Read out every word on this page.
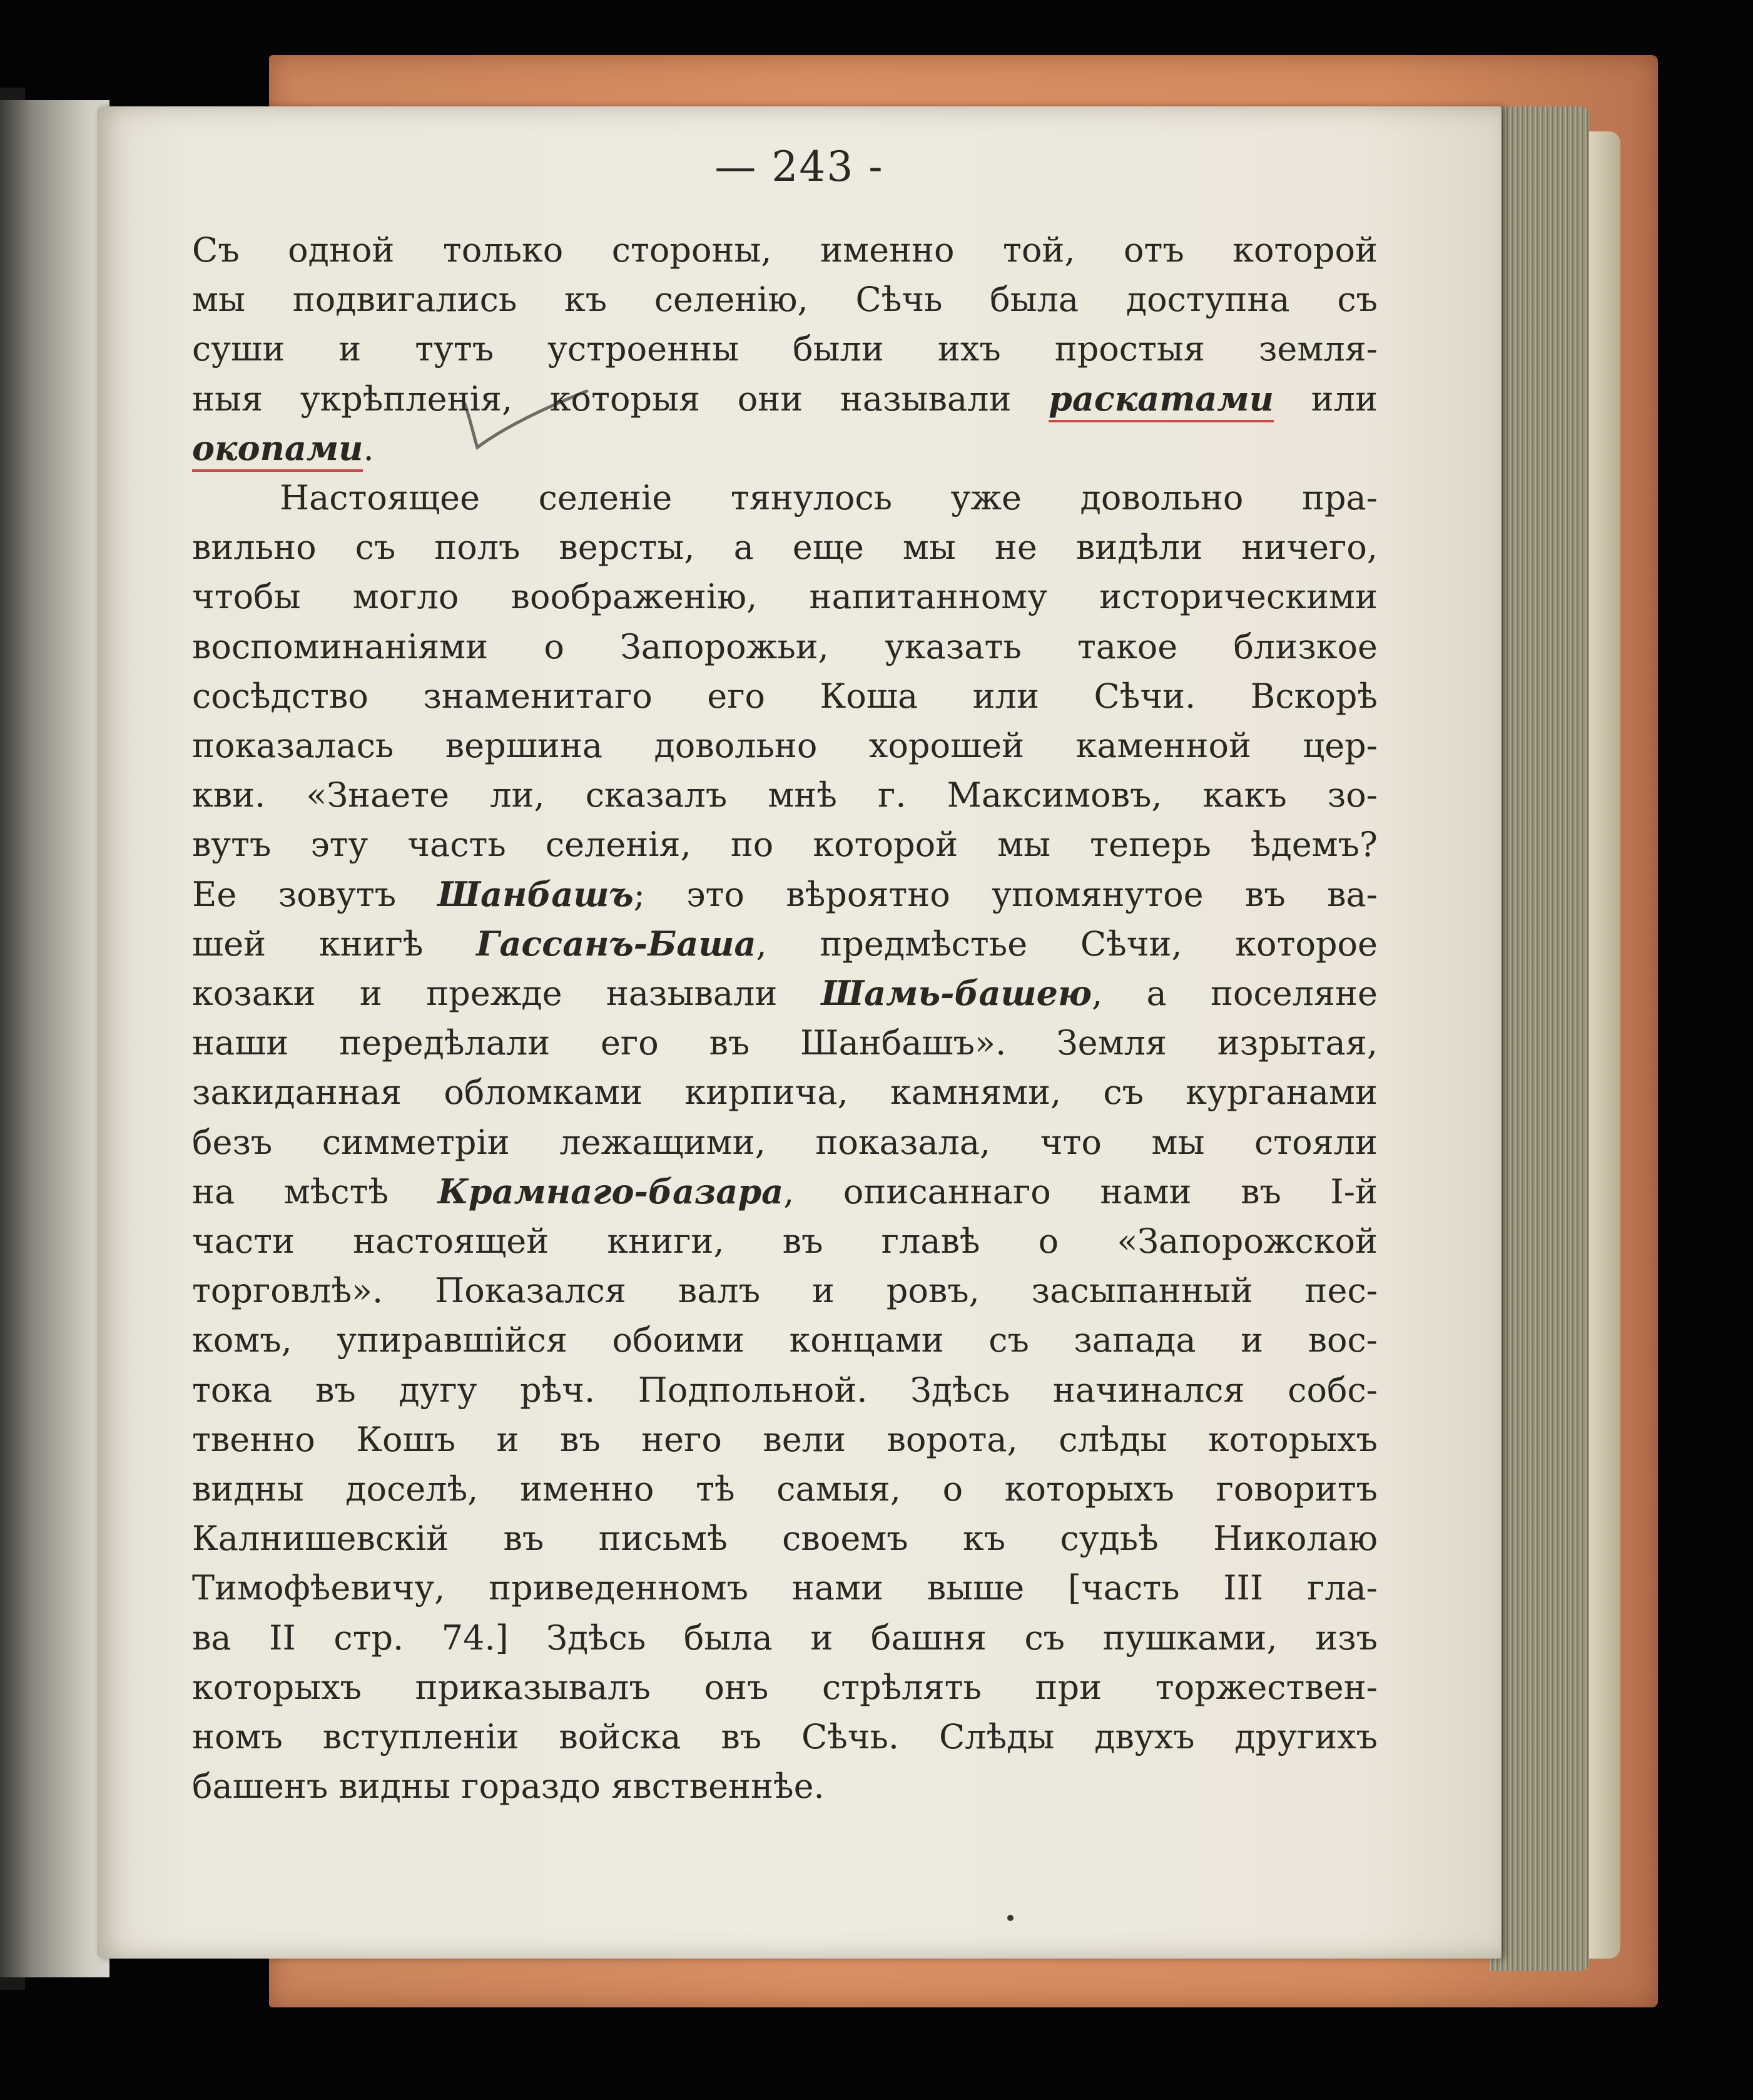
— 243 -
Съ одной только стороны, именно той, отъ которой
мы подвигались къ селенію, Сѣчь была доступна съ
суши и тутъ устроенны были ихъ простыя земля-
ныя укрѣпленія, которыя они называли раскатами или
окопами.
Настоящее селеніе тянулось уже довольно пра-
вильно съ полъ версты, а еще мы не видѣли ничего,
чтобы могло воображенію, напитанному историческими
воспоминаніями о Запорожьи, указать такое близкое
сосѣдство знаменитаго его Коша или Сѣчи. Вскорѣ
показалась вершина довольно хорошей каменной цер-
кви. «Знаете ли, сказалъ мнѣ г. Максимовъ, какъ зо-
вутъ эту часть селенія, по которой мы теперь ѣдемъ?
Ее зовутъ Шанбашъ; это вѣроятно упомянутое въ ва-
шей книгѣ Гассанъ-Баша, предмѣстье Сѣчи, которое
козаки и прежде называли Шамь-башею, а поселяне
наши передѣлали его въ Шанбашъ». Земля изрытая,
закиданная обломками кирпича, камнями, съ курганами
безъ симметріи лежащими, показала, что мы стояли
на мѣстѣ Крамнаго-базара, описаннаго нами въ І-й
части настоящей книги, въ главѣ о «Запорожской
торговлѣ». Показался валъ и ровъ, засыпанный пес-
комъ, упиравшійся обоими концами съ запада и вос-
тока въ дугу рѣч. Подпольной. Здѣсь начинался собс-
твенно Кошъ и въ него вели ворота, слѣды которыхъ
видны доселѣ, именно тѣ самыя, о которыхъ говоритъ
Калнишевскій въ письмѣ своемъ къ судьѣ Николаю
Тимофѣевичу, приведенномъ нами выше [часть III гла-
ва II стр. 74.] Здѣсь была и башня съ пушками, изъ
которыхъ приказывалъ онъ стрѣлять при торжествен-
номъ вступленіи войска въ Сѣчь. Слѣды двухъ другихъ
башенъ видны гораздо явственнѣе.
